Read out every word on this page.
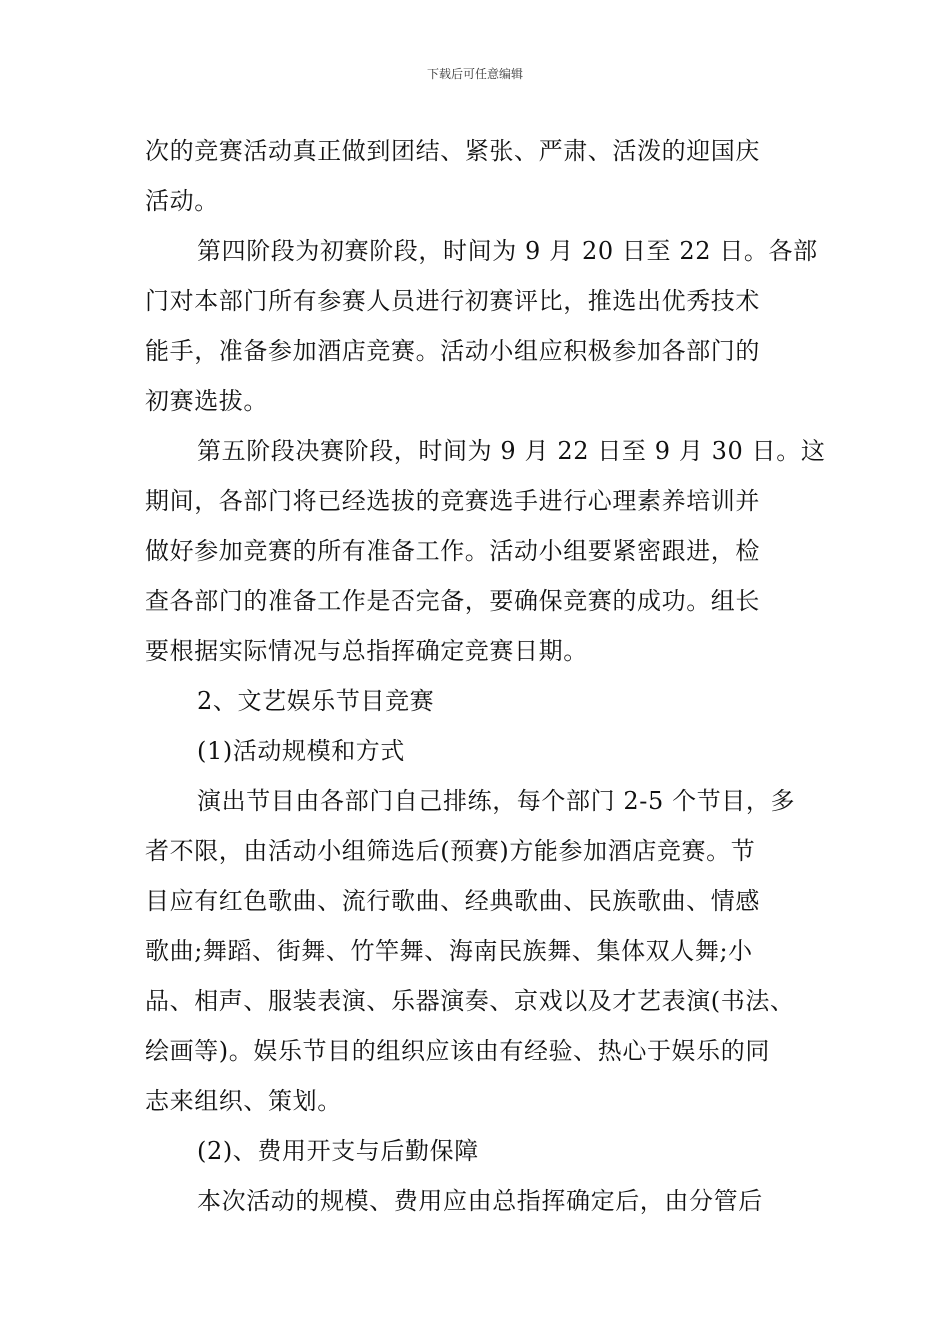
下载后可任意编辑

次的竞赛活动真正做到团结、紧张、严肃、活泼的迎国庆
活动。

第四阶段为初赛阶段，时间为 9 月 20 日至 22 日。各部
门对本部门所有参赛人员进行初赛评比，推选出优秀技术
能手，准备参加酒店竞赛。活动小组应积极参加各部门的
初赛选拔。

第五阶段决赛阶段，时间为 9 月 22 日至 9 月 30 日。这
期间，各部门将已经选拔的竞赛选手进行心理素养培训并
做好参加竞赛的所有准备工作。活动小组要紧密跟进，检
查各部门的准备工作是否完备，要确保竞赛的成功。组长
要根据实际情况与总指挥确定竞赛日期。

2、文艺娱乐节目竞赛

(1)活动规模和方式

演出节目由各部门自己排练，每个部门 2-5 个节目，多
者不限，由活动小组筛选后(预赛)方能参加酒店竞赛。节
目应有红色歌曲、流行歌曲、经典歌曲、民族歌曲、情感
歌曲;舞蹈、街舞、竹竿舞、海南民族舞、集体双人舞;小
品、相声、服装表演、乐器演奏、京戏以及才艺表演(书法、
绘画等)。娱乐节目的组织应该由有经验、热心于娱乐的同
志来组织、策划。

(2)、费用开支与后勤保障

本次活动的规模、费用应由总指挥确定后，由分管后
